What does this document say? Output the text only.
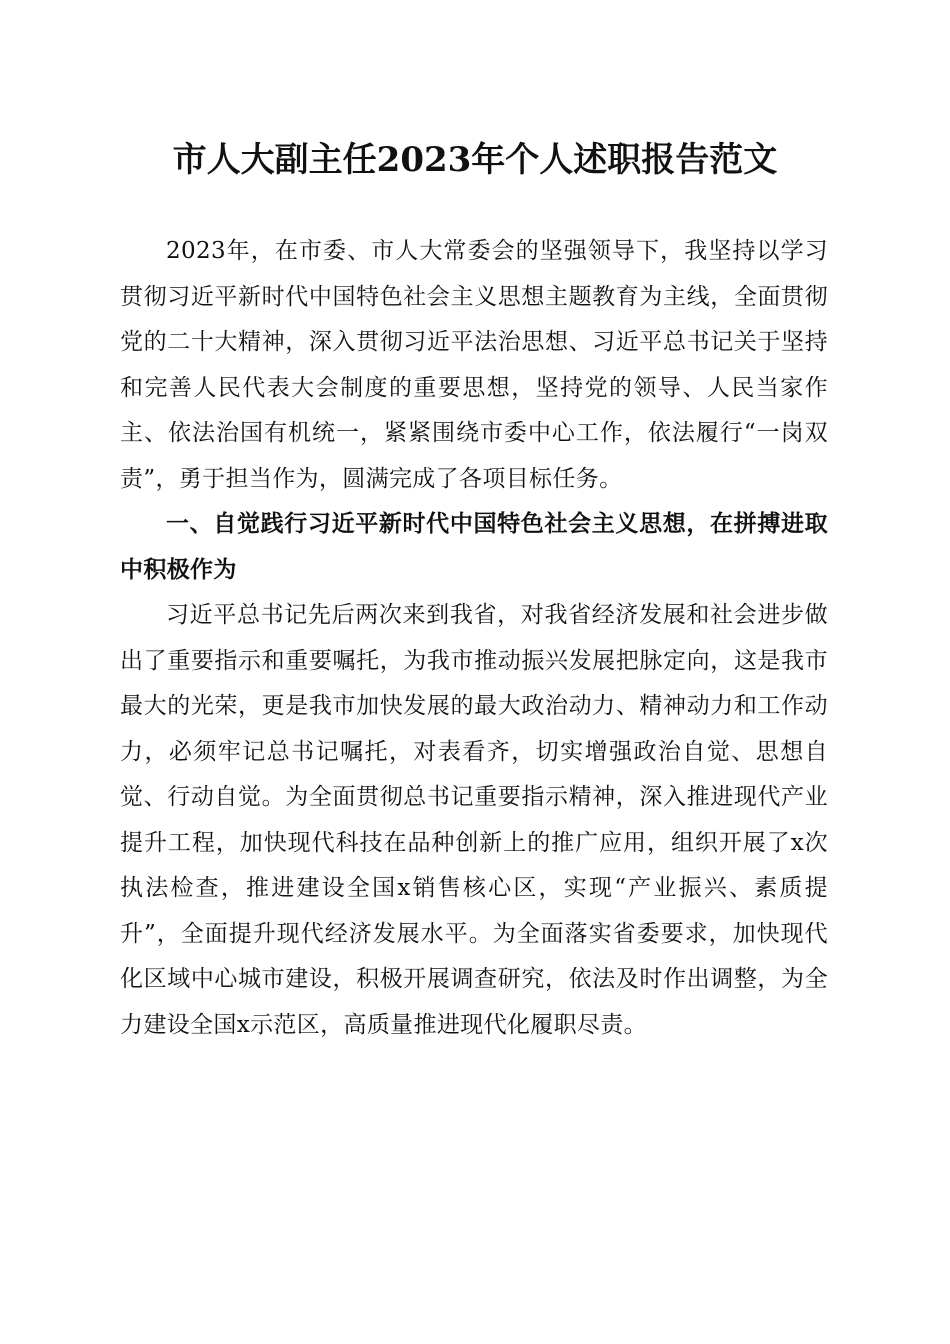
市人大副主任2023年个人述职报告范文

2023年，在市委、市人大常委会的坚强领导下，我坚持以学习贯彻习近平新时代中国特色社会主义思想主题教育为主线，全面贯彻党的二十大精神，深入贯彻习近平法治思想、习近平总书记关于坚持和完善人民代表大会制度的重要思想，坚持党的领导、人民当家作主、依法治国有机统一，紧紧围绕市委中心工作，依法履行“一岗双责”，勇于担当作为，圆满完成了各项目标任务。

一、自觉践行习近平新时代中国特色社会主义思想，在拼搏进取中积极作为

习近平总书记先后两次来到我省，对我省经济发展和社会进步做出了重要指示和重要嘱托，为我市推动振兴发展把脉定向，这是我市最大的光荣，更是我市加快发展的最大政治动力、精神动力和工作动力，必须牢记总书记嘱托，对表看齐，切实增强政治自觉、思想自觉、行动自觉。为全面贯彻总书记重要指示精神，深入推进现代产业提升工程，加快现代科技在品种创新上的推广应用，组织开展了x次执法检查，推进建设全国x销售核心区，实现“产业振兴、素质提升”，全面提升现代经济发展水平。为全面落实省委要求，加快现代化区域中心城市建设，积极开展调查研究，依法及时作出调整，为全力建设全国x示范区，高质量推进现代化履职尽责。
